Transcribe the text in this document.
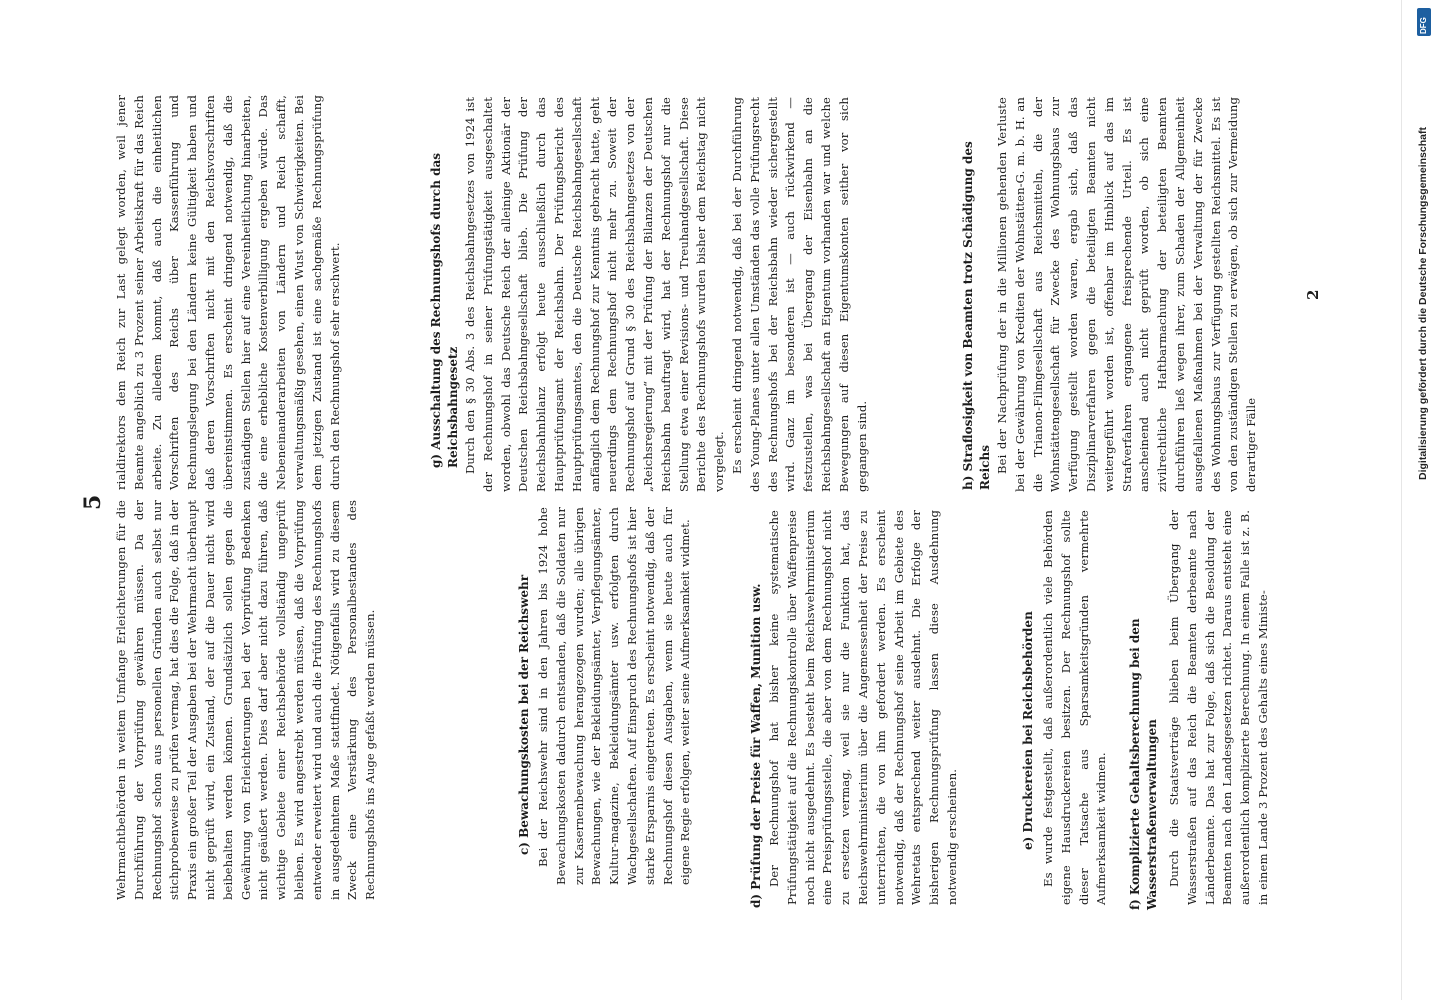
5 Wehrmachtbehörden in weitem Umfange Erleichterungen für die Durchführung der Vorprüfung gewähren müssen. Da der Rechnungshof schon aus personellen Gründen auch selbst nur stichprobenweise zu prüfen vermag, hat dies die Folge, daß in der Praxis ein großer Teil der Ausgaben bei der Wehrmacht überhaupt nicht geprüft wird, ein Zustand, der auf die Dauer nicht wird beibehalten werden können. Grundsätzlich sollen gegen die Gewährung von Erleichterungen bei der Vorprüfung Bedenken nicht geäußert werden. Dies darf aber nicht dazu führen, daß wichtige Gebiete einer Reichsbehörde vollständig ungeprüft bleiben. Es wird angestrebt werden müssen, daß die Vorprüfung entweder erweitert wird und auch die Prüfung des Rechnungshofs in ausgedehntem Maße stattfindet. Nötigenfalls wird zu diesem Zweck eine Verstärkung des Personalbestandes des Rechnungshofs ins Auge gefaßt werden müssen.	c) Bewachungskosten bei der Reichswehr Bei der Reichswehr sind in den Jahren bis 1924 hohe Bewachungskosten dadurch entstanden, daß die Soldaten nur zur Kasernenbewachung herangezogen wurden; alle übrigen Bewachungen, wie der Bekleidungsämter, Verpflegungsämter, Kultur-magazine, Bekleidungsämter usw. erfolgten durch Wachgesellschaften. Auf Einspruch des Rechnungshofs ist hier starke Ersparnis eingetreten. Es erscheint notwendig, daß der Rechnungshof diesen Ausgaben, wenn sie heute auch für eigene Regie erfolgen, weiter seine Aufmerksamkeit widmet.	d) Prüfung der Preise für Waffen, Munition usw. Der Rechnungshof hat bisher keine systematische Prüfungstätigkeit auf die Rechnungskontrolle über Waffenpreise noch nicht ausgedehnt. Es besteht beim Reichswehrministerium eine Preisprüfungsstelle, die aber von dem Rechnungshof nicht zu ersetzen vermag, weil sie nur die Funktion hat, das Reichswehrministerium über die Angemessenheit der Preise zu unterrichten, die von ihm gefordert werden. Es erscheint notwendig, daß der Rechnungshof seine Arbeit im Gebiete des Wehretats entsprechend weiter ausdehnt. Die Erfolge der bisherigen Rechnungsprüfung lassen diese Ausdehnung notwendig erscheinen.	e) Druckereien bei Reichsbehörden Es wurde festgestellt, daß außerordentlich viele Behörden eigene Hausdruckereien besitzen. Der Rechnungshof sollte dieser Tatsache aus Sparsamkeitsgründen vermehrte Aufmerksamkeit widmen. f) Komplizierte Gehaltsberechnung bei den Wasserstraßenverwaltungen Durch die Staatsverträge blieben beim Übergang der Wasserstraßen auf das Reich die Beamten derbeamte nach Länderbeamte. Das hat zur Folge, daß sich die Besoldung der Beamten nach den Landesgesetzen richtet. Daraus entsteht eine außerordentlich komplizierte Berechnung. In einem Falle ist z. B. in einem Lande 3 Prozent des Gehalts eines Ministe-

rialdirektors dem Reich zur Last gelegt worden, weil jener Beamte angeblich zu 3 Prozent seiner Arbeitskraft für das Reich arbeite. Zu alledem kommt, daß auch die einheitlichen Vorschriften des Reichs über Kassenführung und Rechnungslegung bei den Ländern keine Gültigkeit haben und daß deren Vorschriften nicht mit den Reichsvorschriften übereinstimmen. Es erscheint dringend notwendig, daß die zuständigen Stellen hier auf eine Vereinheitlichung hinarbeiten, die eine erhebliche Kostenverbilligung ergeben würde. Das Nebeneinanderarbeiten von Ländern und Reich schafft, verwaltungsmäßig gesehen, einen Wust von Schwierigkeiten. Bei dem jetzigen Zustand ist eine sachgemäße Rechnungsprüfung durch den Rechnungshof sehr erschwert.	g) Ausschaltung des Rechnungshofs durch das Reichsbahngesetz Durch den § 30 Abs. 3 des Reichsbahngesetzes von 1924 ist der Rechnungshof in seiner Prüfungstätigkeit ausgeschaltet worden, obwohl das Deutsche Reich der alleinige Aktionär der Deutschen Reichsbahngesellschaft blieb. Die Prüfung der Reichsbahnbilanz erfolgt heute ausschließlich durch das Hauptprüfungsamt der Reichsbahn. Der Prüfungsbericht des Hauptprüfungsamtes, den die Deutsche Reichsbahngesellschaft anfänglich dem Rechnungshof zur Kenntnis gebracht hatte, geht neuerdings dem Rechnungshof nicht mehr zu. Soweit der Rechnungshof auf Grund § 30 des Reichsbahngesetzes von der „Reichsregierung“ mit der Prüfung der Bilanzen der Deutschen Reichsbahn beauftragt wird, hat der Rechnungshof nur die Stellung etwa einer Revisions- und Treuhandgesellschaft. Diese Berichte des Rechnungshofs wurden bisher dem Reichstag nicht vorgelegt. Es erscheint dringend notwendig, daß bei der Durchführung des Young-Planes unter allen Umständen das volle Prüfungsrecht des Rechnungshofs bei der Reichsbahn wieder sichergestellt wird. Ganz im besonderen ist — auch rückwirkend — festzustellen, was bei Übergang der Eisenbahn an die Reichsbahngesellschaft an Eigentum vorhanden war und welche Bewegungen auf diesen Eigentumskonten seither vor sich gegangen sind.	h) Straflosigkeit von Beamten trotz Schädigung des Reichs Bei der Nachprüfung der in die Millionen gehenden Verluste bei der Gewährung von Krediten der Wohnstätten-G. m. b. H. an die Trianon-Filmgesellschaft aus Reichsmitteln, die der Wohnstättengesellschaft für Zwecke des Wohnungsbaus zur Verfügung gestellt worden waren, ergab sich, daß das Disziplinarverfahren gegen die beteiligten Beamten nicht weitergeführt worden ist, offenbar im Hinblick auf das im Strafverfahren ergangene freisprechende Urteil. Es ist anscheinend auch nicht geprüft worden, ob sich eine zivilrechtliche Haftbarmachung der beteiligten Beamten durchführen ließ wegen ihrer, zum Schaden der Allgemeinheit ausgefallenen Maßnahmen bei der Verwaltung der für Zwecke des Wohnungsbaus zur Verfügung gestellten Reichsmittel. Es ist von den zuständigen Stellen zu erwägen, ob sich zur Vermeidung derartiger Fälle

2
DFG
Digitalisierung gefördert durch die Deutsche Forschungsgemeinschaft
